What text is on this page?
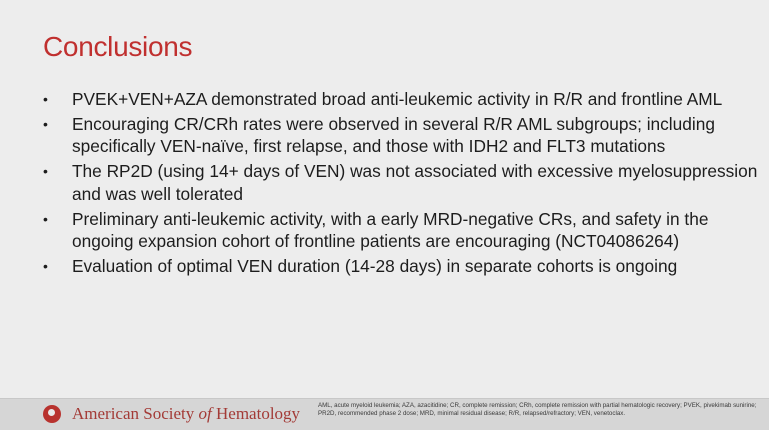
Conclusions
• PVEK+VEN+AZA demonstrated broad anti-leukemic activity in R/R and frontline AML
• Encouraging CR/CRh rates were observed in several R/R AML subgroups; including specifically VEN-naïve, first relapse, and those with IDH2 and FLT3 mutations
• The RP2D (using 14+ days of VEN) was not associated with excessive myelosuppression and was well tolerated
• Preliminary anti-leukemic activity, with a early MRD-negative CRs, and safety in the ongoing expansion cohort of frontline patients are encouraging (NCT04086264)
• Evaluation of optimal VEN duration (14-28 days) in separate cohorts is ongoing
American Society of Hematology	AML, acute myeloid leukemia; AZA, azacitidine; CR, complete remission; CRh, complete remission with partial hematologic recovery; PVEK, pivekimab sunirine; PR2D, recommended phase 2 dose; MRD, minimal residual disease; R/R, relapsed/refractory; VEN, venetoclax.
